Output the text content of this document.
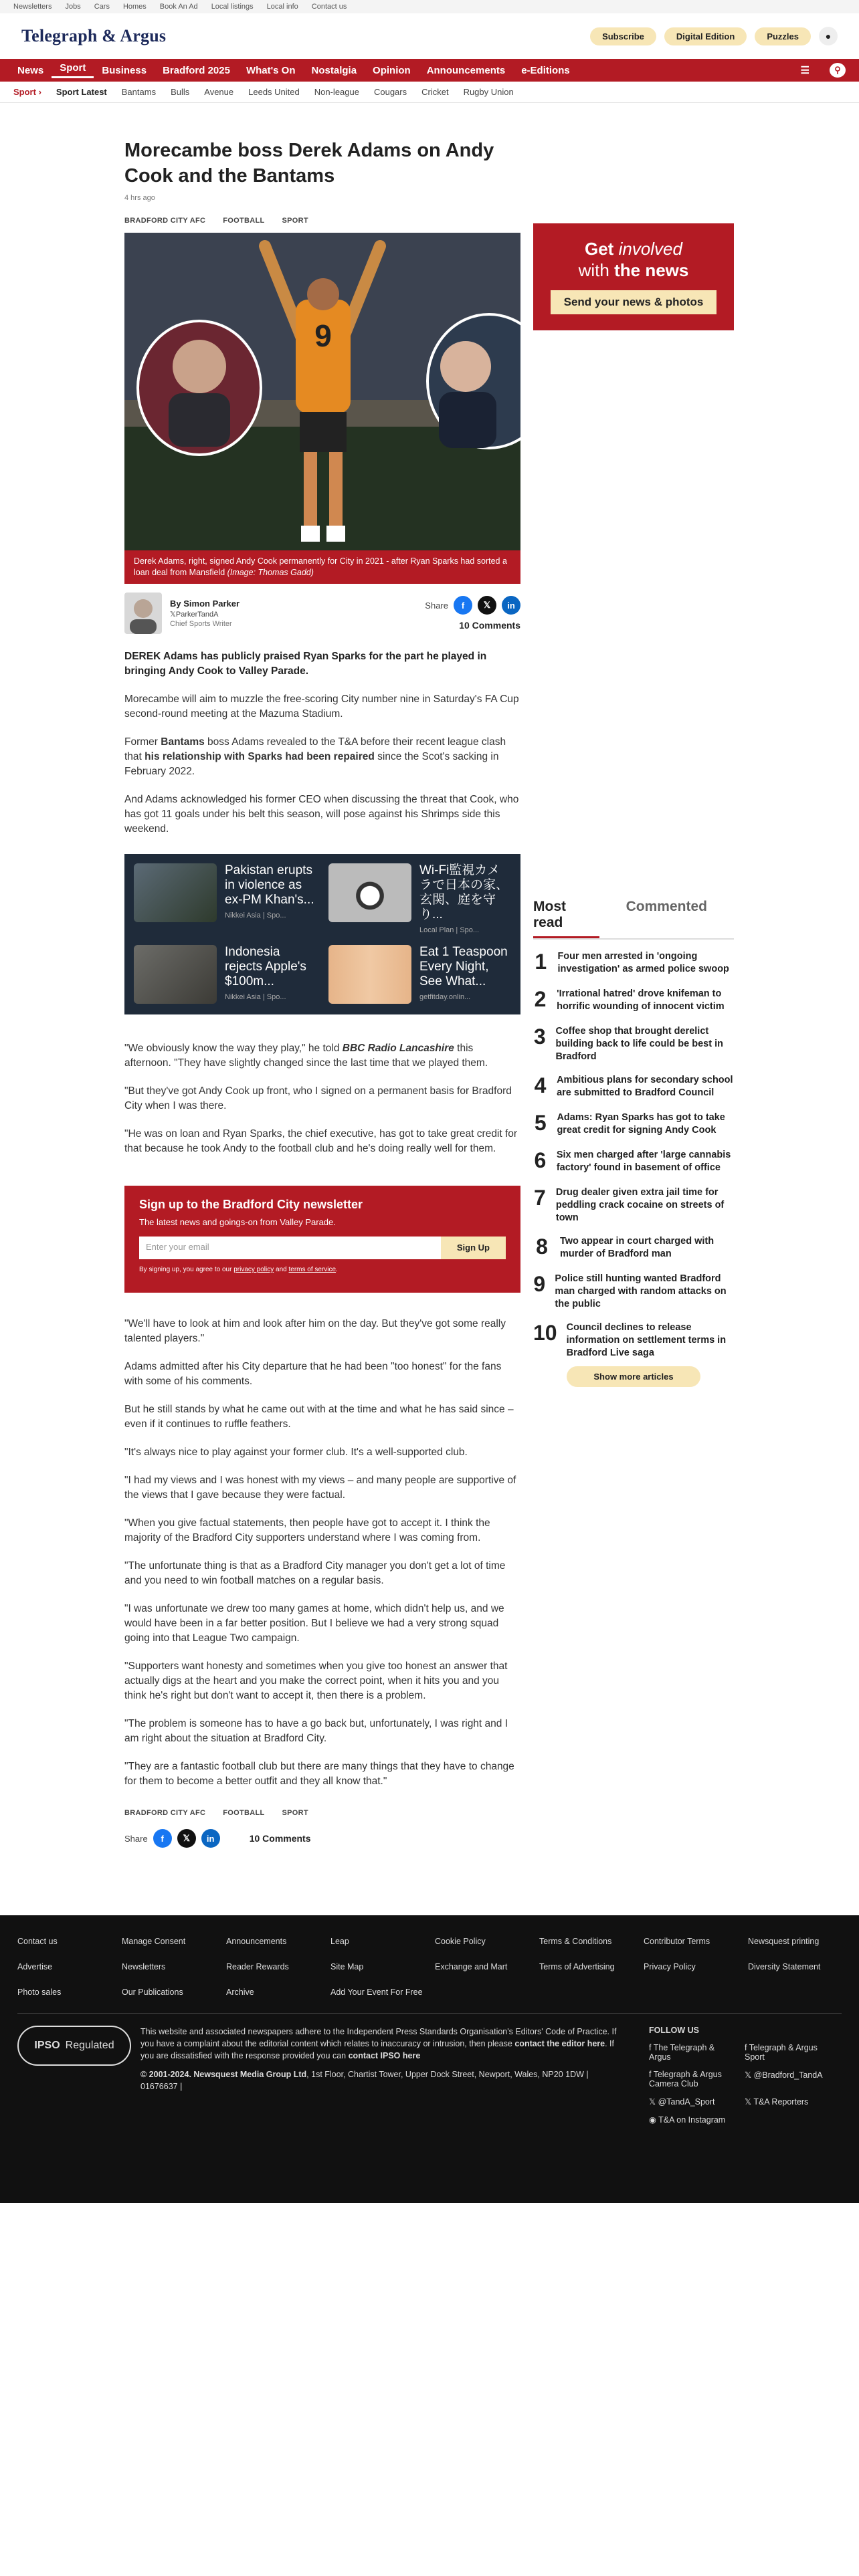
Newsletters Jobs Cars Homes Book An Ad Local listings Local info Contact us
Telegraph & Argus	Subscribe	Digital Edition	Puzzles	●
News	Sport	Business	Bradford 2025	What's On	Nostalgia	Opinion	Announcements	e-Editions	☰	⚲
Sport › Sport Latest Bantams Bulls Avenue Leeds United Non-league Cougars Cricket Rugby Union
Morecambe boss Derek Adams on Andy Cook and the Bantams
4 hrs ago
BRADFORD CITY AFC FOOTBALL SPORT
9
Derek Adams, right, signed Andy Cook permanently for City in 2021 - after Ryan Sparks had sorted a loan deal from Mansfield (Image: Thomas Gadd)
By Simon Parker
𝕏ParkerTandA
Chief Sports Writer
Share	f	𝕏	in
10 Comments

DEREK Adams has publicly praised Ryan Sparks for the part he played in bringing Andy Cook to Valley Parade.

Morecambe will aim to muzzle the free-scoring City number nine in Saturday's FA Cup second-round meeting at the Mazuma Stadium.

Former Bantams boss Adams revealed to the T&A before their recent league clash that his relationship with Sparks had been repaired since the Scot's sacking in February 2022.

And Adams acknowledged his former CEO when discussing the threat that Cook, who has got 11 goals under his belt this season, will pose against his Shrimps side this weekend.

Pakistan erupts in violence as ex-PM Khan's...
Nikkei Asia | Spo...
Wi-Fi監視カメラで日本の家、玄関、庭を守り...
Local Plan | Spo...
Indonesia rejects Apple's $100m...
Nikkei Asia | Spo...
Eat 1 Teaspoon Every Night, See What...
getfitday.onlin...

"We obviously know the way they play," he told BBC Radio Lancashire this afternoon. "They have slightly changed since the last time that we played them.

"But they've got Andy Cook up front, who I signed on a permanent basis for Bradford City when I was there.

"He was on loan and Ryan Sparks, the chief executive, has got to take great credit for that because he took Andy to the football club and he's doing really well for them.

Sign up to the Bradford City newsletter
The latest news and goings-on from Valley Parade.
Enter your email	Sign Up
By signing up, you agree to our privacy policy and terms of service.

"We'll have to look at him and look after him on the day. But they've got some really talented players."

Adams admitted after his City departure that he had been "too honest" for the fans with some of his comments.

But he still stands by what he came out with at the time and what he has said since – even if it continues to ruffle feathers.

"It's always nice to play against your former club. It's a well-supported club.

"I had my views and I was honest with my views – and many people are supportive of the views that I gave because they were factual.

"When you give factual statements, then people have got to accept it. I think the majority of the Bradford City supporters understand where I was coming from.

"The unfortunate thing is that as a Bradford City manager you don't get a lot of time and you need to win football matches on a regular basis.

"I was unfortunate we drew too many games at home, which didn't help us, and we would have been in a far better position. But I believe we had a very strong squad going into that League Two campaign.

"Supporters want honesty and sometimes when you give too honest an answer that actually digs at the heart and you make the correct point, when it hits you and you think he's right but don't want to accept it, then there is a problem.

"The problem is someone has to have a go back but, unfortunately, I was right and I am right about the situation at Bradford City.

"They are a fantastic football club but there are many things that they have to change for them to become a better outfit and they all know that."

BRADFORD CITY AFC FOOTBALL SPORT
Share	f	𝕏	in	10 Comments
Get involved
with the news
Send your news & photos
Most read
Commented
1 Four men arrested in 'ongoing investigation' as armed police swoop
2 'Irrational hatred' drove knifeman to horrific wounding of innocent victim
3 Coffee shop that brought derelict building back to life could be best in Bradford
4 Ambitious plans for secondary school are submitted to Bradford Council
5 Adams: Ryan Sparks has got to take great credit for signing Andy Cook
6 Six men charged after 'large cannabis factory' found in basement of office
7 Drug dealer given extra jail time for peddling crack cocaine on streets of town
8 Two appear in court charged with murder of Bradford man
9 Police still hunting wanted Bradford man charged with random attacks on the public
10 Council declines to release information on settlement terms in Bradford Live saga
Show more articles
Contact us	Manage Consent	Announcements	Leap	Cookie Policy	Terms & Conditions	Contributor Terms	Newsquest printing
Advertise	Newsletters	Reader Rewards	Site Map	Exchange and Mart	Terms of Advertising	Privacy Policy	Diversity Statement
Photo sales	Our Publications	Archive	Add Your Event For Free
IPSO Regulated
This website and associated newspapers adhere to the Independent Press Standards Organisation's Editors' Code of Practice. If you have a complaint about the editorial content which relates to inaccuracy or intrusion, then please contact the editor here. If you are dissatisfied with the response provided you can contact IPSO here
© 2001-2024. Newsquest Media Group Ltd, 1st Floor, Chartist Tower, Upper Dock Street, Newport, Wales, NP20 1DW | 01676637 |
FOLLOW US
f The Telegraph & Argus
f Telegraph & Argus Sport
f Telegraph & Argus Camera Club
𝕏 @Bradford_TandA
𝕏 @TandA_Sport	𝕏 T&A Reporters
◉ T&A on Instagram
